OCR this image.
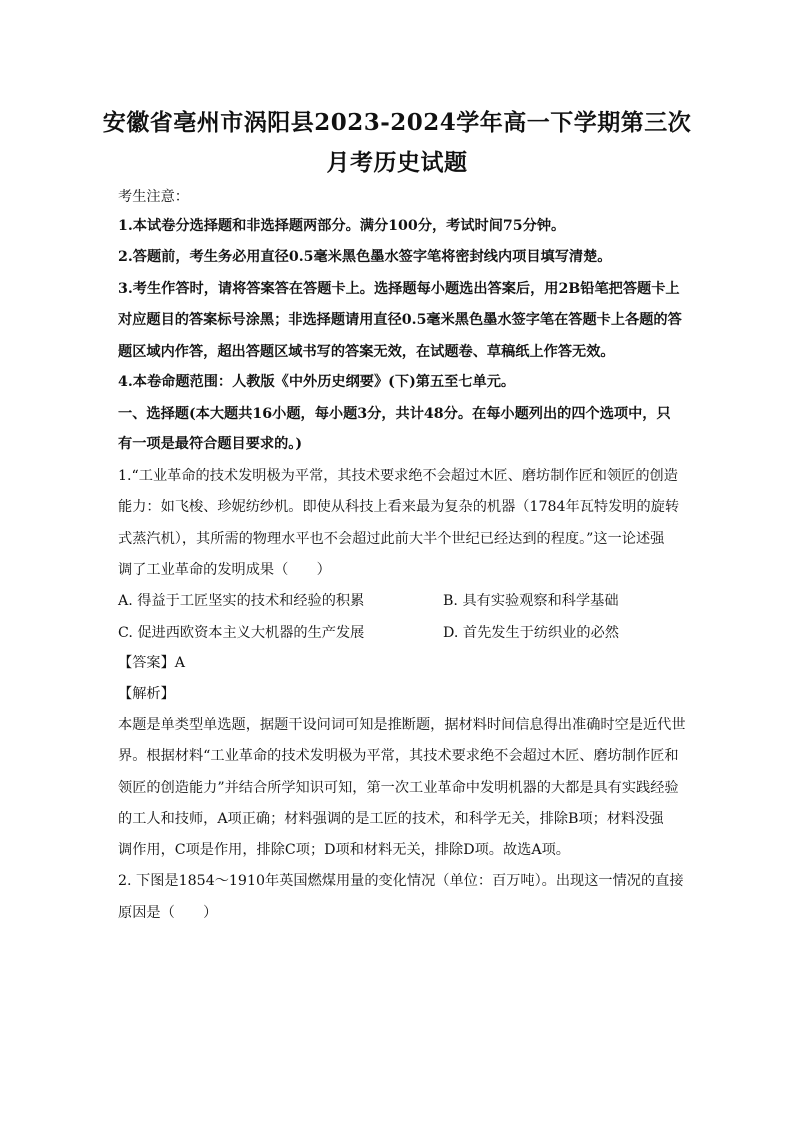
安徽省亳州市涡阳县2023-2024学年高一下学期第三次
月考历史试题
考生注意：
1.本试卷分选择题和非选择题两部分。满分100分，考试时间75分钟。
2.答题前，考生务必用直径0.5毫米黑色墨水签字笔将密封线内项目填写清楚。
3.考生作答时，请将答案答在答题卡上。选择题每小题选出答案后，用2B铅笔把答题卡上
对应题目的答案标号涂黑；非选择题请用直径0.5毫米黑色墨水签字笔在答题卡上各题的答
题区域内作答，超出答题区域书写的答案无效，在试题卷、草稿纸上作答无效。
4.本卷命题范围：人教版《中外历史纲要》(下)第五至七单元。
一、选择题(本大题共16小题，每小题3分，共计48分。在每小题列出的四个选项中，只
有一项是最符合题目要求的。)
1.“工业革命的技术发明极为平常，其技术要求绝不会超过木匠、磨坊制作匠和领匠的创造
能力：如飞梭、珍妮纺纱机。即使从科技上看来最为复杂的机器（1784年瓦特发明的旋转
式蒸汽机），其所需的物理水平也不会超过此前大半个世纪已经达到的程度。”这一论述强
调了工业革命的发明成果（　　）
A. 得益于工匠坚实的技术和经验的积累	B. 具有实验观察和科学基础
C. 促进西欧资本主义大机器的生产发展	D. 首先发生于纺织业的必然
【答案】A
【解析】
本题是单类型单选题，据题干设问词可知是推断题，据材料时间信息得出准确时空是近代世
界。根据材料“工业革命的技术发明极为平常，其技术要求绝不会超过木匠、磨坊制作匠和
领匠的创造能力”并结合所学知识可知，第一次工业革命中发明机器的大都是具有实践经验
的工人和技师，A项正确；材料强调的是工匠的技术，和科学无关，排除B项；材料没强
调作用，C项是作用，排除C项；D项和材料无关，排除D项。故选A项。
2. 下图是1854～1910年英国燃煤用量的变化情况（单位：百万吨）。出现这一情况的直接
原因是（　　）
